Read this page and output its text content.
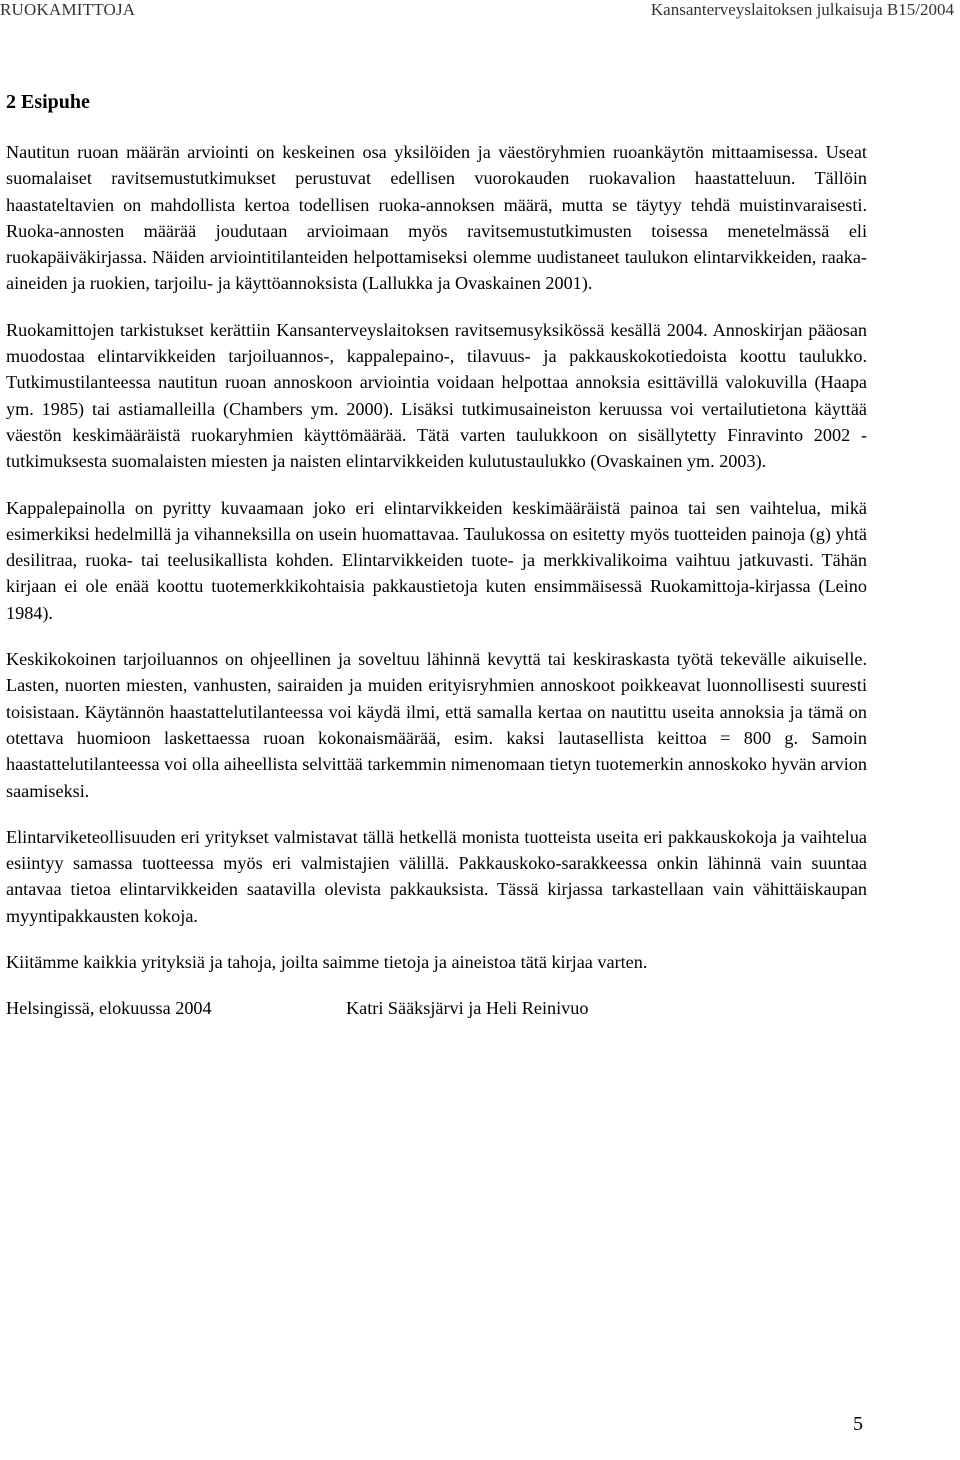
RUOKAMITTOJA	Kansanterveyslaitoksen julkaisuja B15/2004
2 Esipuhe

Nautitun ruoan määrän arviointi on keskeinen osa yksilöiden ja väestöryhmien ruoankäytön mittaamisessa. Useat suomalaiset ravitsemustutkimukset perustuvat edellisen vuorokauden ruokavalion haastatteluun. Tällöin haastateltavien on mahdollista kertoa todellisen ruoka-annoksen määrä, mutta se täytyy tehdä muistinvaraisesti. Ruoka-annosten määrää joudutaan arvioimaan myös ravitsemustutkimusten toisessa menetelmässä eli ruokapäiväkirjassa. Näiden arviointitilanteiden helpottamiseksi olemme uudistaneet taulukon elintarvikkeiden, raaka-aineiden ja ruokien, tarjoilu- ja käyttöannoksista (Lallukka ja Ovaskainen 2001).

Ruokamittojen tarkistukset kerättiin Kansanterveyslaitoksen ravitsemusyksikössä kesällä 2004. Annoskirjan pääosan muodostaa elintarvikkeiden tarjoiluannos-, kappalepaino-, tilavuus- ja pakkauskokotiedoista koottu taulukko. Tutkimustilanteessa nautitun ruoan annoskoon arviointia voidaan helpottaa annoksia esittävillä valokuvilla (Haapa ym. 1985) tai astiamalleilla (Chambers ym. 2000). Lisäksi tutkimusaineiston keruussa voi vertailutietona käyttää väestön keskimääräistä ruokaryhmien käyttömäärää. Tätä varten taulukkoon on sisällytetty Finravinto 2002 -tutkimuksesta suomalaisten miesten ja naisten elintarvikkeiden kulutustaulukko (Ovaskainen ym. 2003).

Kappalepainolla on pyritty kuvaamaan joko eri elintarvikkeiden keskimääräistä painoa tai sen vaihtelua, mikä esimerkiksi hedelmillä ja vihanneksilla on usein huomattavaa. Taulukossa on esitetty myös tuotteiden painoja (g) yhtä desilitraa, ruoka- tai teelusikallista kohden. Elintarvikkeiden tuote- ja merkkivalikoima vaihtuu jatkuvasti. Tähän kirjaan ei ole enää koottu tuotemerkkikohtaisia pakkaustietoja kuten ensimmäisessä Ruokamittoja-kirjassa (Leino 1984).

Keskikokoinen tarjoiluannos on ohjeellinen ja soveltuu lähinnä kevyttä tai keskiraskasta työtä tekevälle aikuiselle. Lasten, nuorten miesten, vanhusten, sairaiden ja muiden erityisryhmien annoskoot poikkeavat luonnollisesti suuresti toisistaan. Käytännön haastattelutilanteessa voi käydä ilmi, että samalla kertaa on nautittu useita annoksia ja tämä on otettava huomioon laskettaessa ruoan kokonaismäärää, esim. kaksi lautasellista keittoa = 800 g. Samoin haastattelutilanteessa voi olla aiheellista selvittää tarkemmin nimenomaan tietyn tuotemerkin annoskoko hyvän arvion saamiseksi.

Elintarviketeollisuuden eri yritykset valmistavat tällä hetkellä monista tuotteista useita eri pakkauskokoja ja vaihtelua esiintyy samassa tuotteessa myös eri valmistajien välillä. Pakkauskoko-sarakkeessa onkin lähinnä vain suuntaa antavaa tietoa elintarvikkeiden saatavilla olevista pakkauksista. Tässä kirjassa tarkastellaan vain vähittäiskaupan myyntipakkausten kokoja.

Kiitämme kaikkia yrityksiä ja tahoja, joilta saimme tietoja ja aineistoa tätä kirjaa varten.

Helsingissä, elokuussa 2004	Katri Sääksjärvi ja Heli Reinivuo
5
